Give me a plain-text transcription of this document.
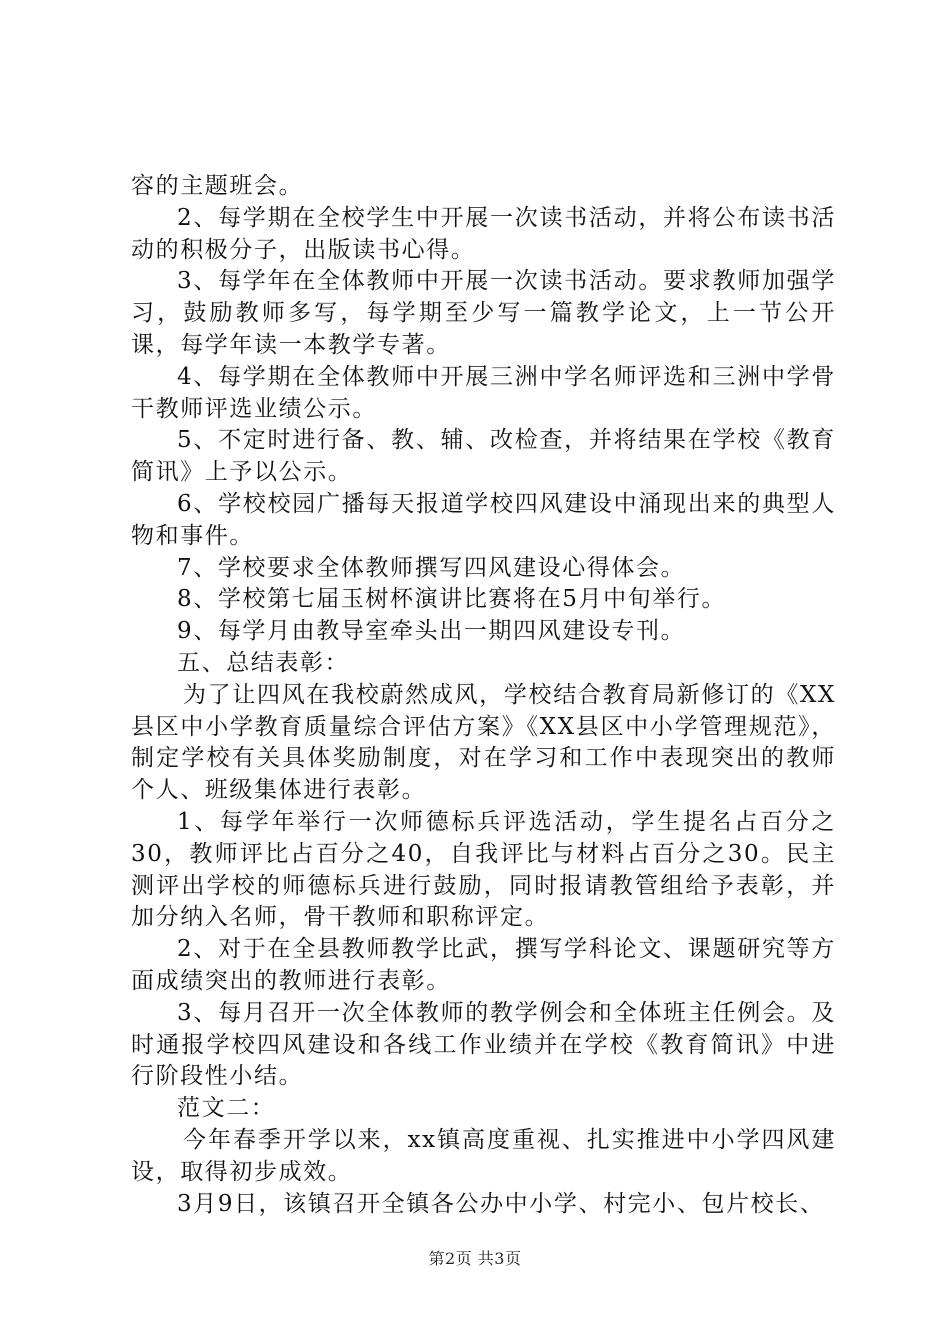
容的主题班会。

2、每学期在全校学生中开展一次读书活动，并将公布读书活动的积极分子，出版读书心得。

3、每学年在全体教师中开展一次读书活动。要求教师加强学习，鼓励教师多写，每学期至少写一篇教学论文，上一节公开课，每学年读一本教学专著。

4、每学期在全体教师中开展三洲中学名师评选和三洲中学骨干教师评选业绩公示。

5、不定时进行备、教、辅、改检查，并将结果在学校《教育简讯》上予以公示。

6、学校校园广播每天报道学校四风建设中涌现出来的典型人物和事件。

7、学校要求全体教师撰写四风建设心得体会。

8、学校第七届玉树杯演讲比赛将在5月中旬举行。

9、每学月由教导室牵头出一期四风建设专刊。

五、总结表彰：

为了让四风在我校蔚然成风，学校结合教育局新修订的《XX县区中小学教育质量综合评估方案》《XX县区中小学管理规范》，制定学校有关具体奖励制度，对在学习和工作中表现突出的教师个人、班级集体进行表彰。

1、每学年举行一次师德标兵评选活动，学生提名占百分之30，教师评比占百分之40，自我评比与材料占百分之30。民主测评出学校的师德标兵进行鼓励，同时报请教管组给予表彰，并加分纳入名师，骨干教师和职称评定。

2、对于在全县教师教学比武，撰写学科论文、课题研究等方面成绩突出的教师进行表彰。

3、每月召开一次全体教师的教学例会和全体班主任例会。及时通报学校四风建设和各线工作业绩并在学校《教育简讯》中进行阶段性小结。

范文二：

今年春季开学以来，xx镇高度重视、扎实推进中小学四风建设，取得初步成效。

3月9日，该镇召开全镇各公办中小学、村完小、包片校长、

第2页 共3页
